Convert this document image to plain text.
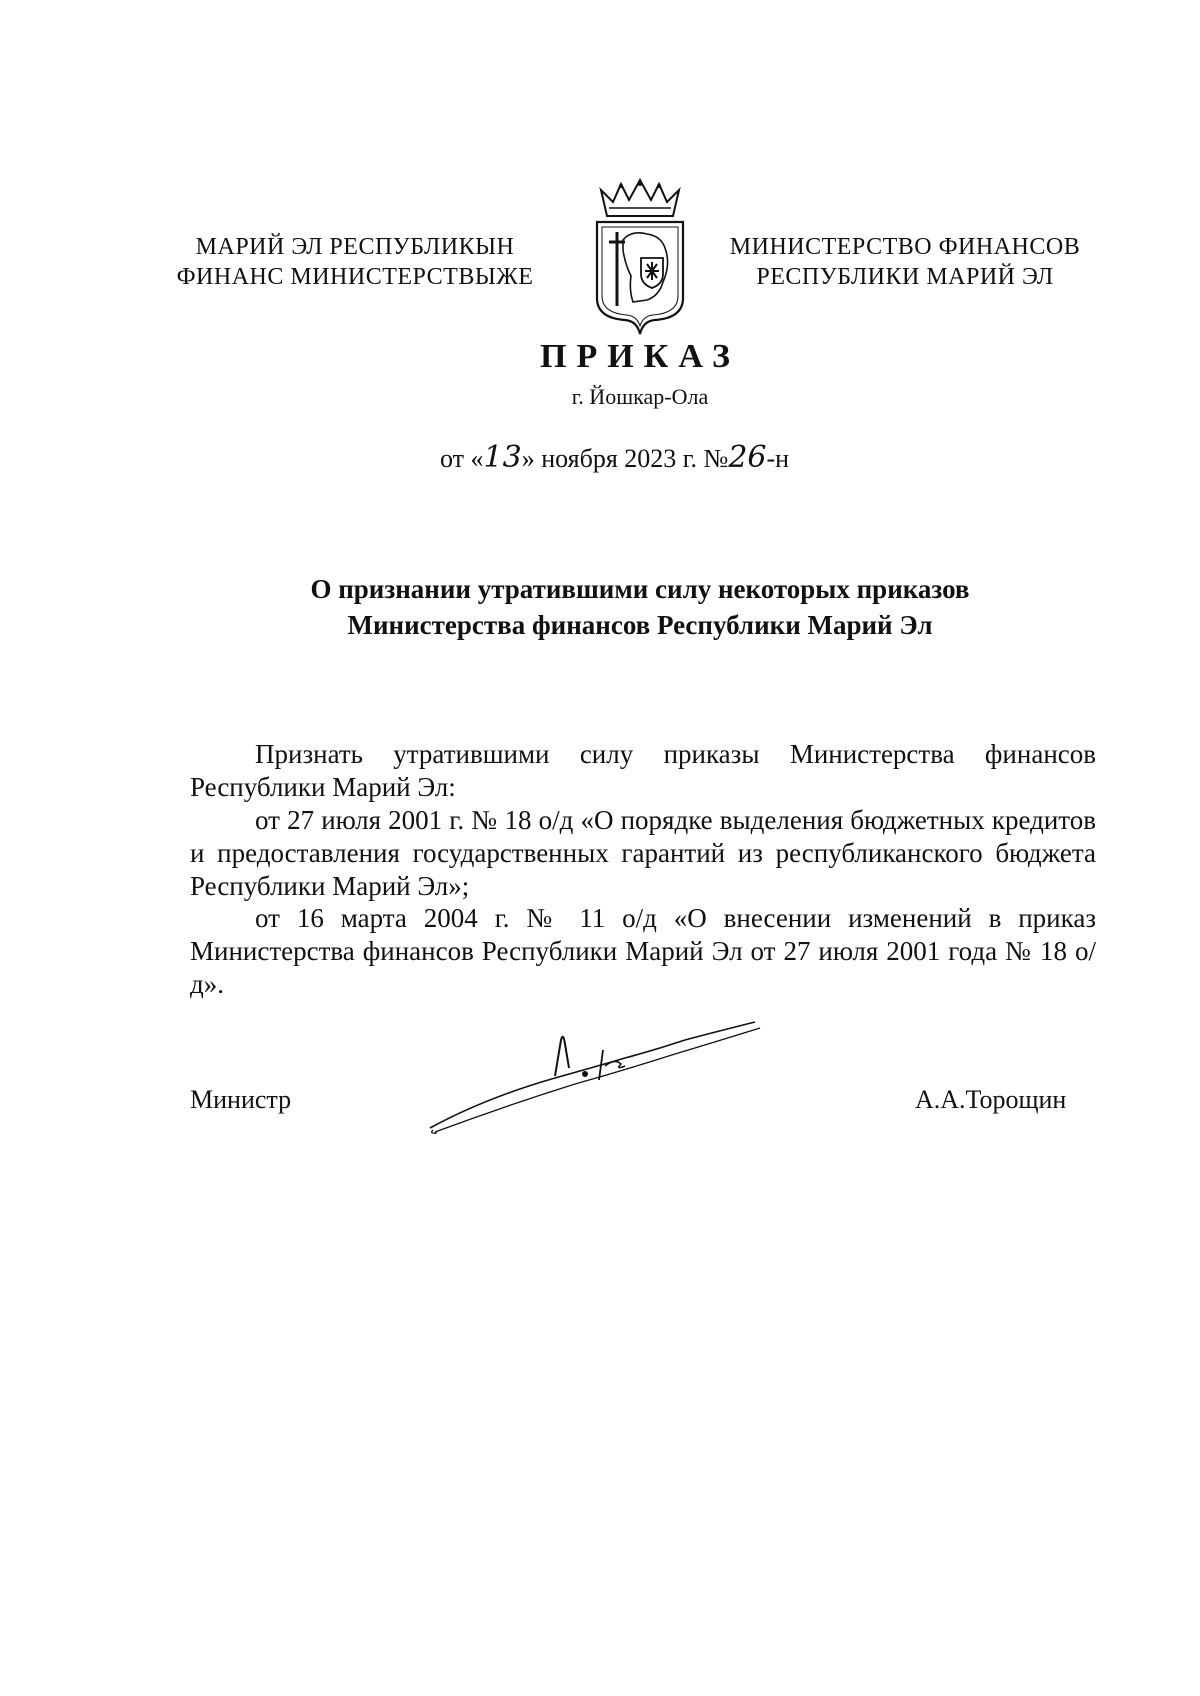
МАРИЙ ЭЛ РЕСПУБЛИКЫН
ФИНАНС МИНИСТЕРСТВЫЖЕ
МИНИСТЕРСТВО ФИНАНСОВ
РЕСПУБЛИКИ МАРИЙ ЭЛ
ПРИКАЗ
г. Йошкар-Ола
от «13» ноября 2023 г. №26-н
О признании утратившими силу некоторых приказов
Министерства финансов Республики Марий Эл
Признать утратившими силу приказы Министерства финансов Республики Марий Эл:
от 27 июля 2001 г. № 18 о/д «О порядке выделения бюджетных кредитов и предоставления государственных гарантий из республиканского бюджета Республики Марий Эл»;
от 16 марта 2004 г. № 11 о/д «О внесении изменений в приказ Министерства финансов Республики Марий Эл от 27 июля 2001 года № 18 о/д».
Министр	А.А.Торощин
